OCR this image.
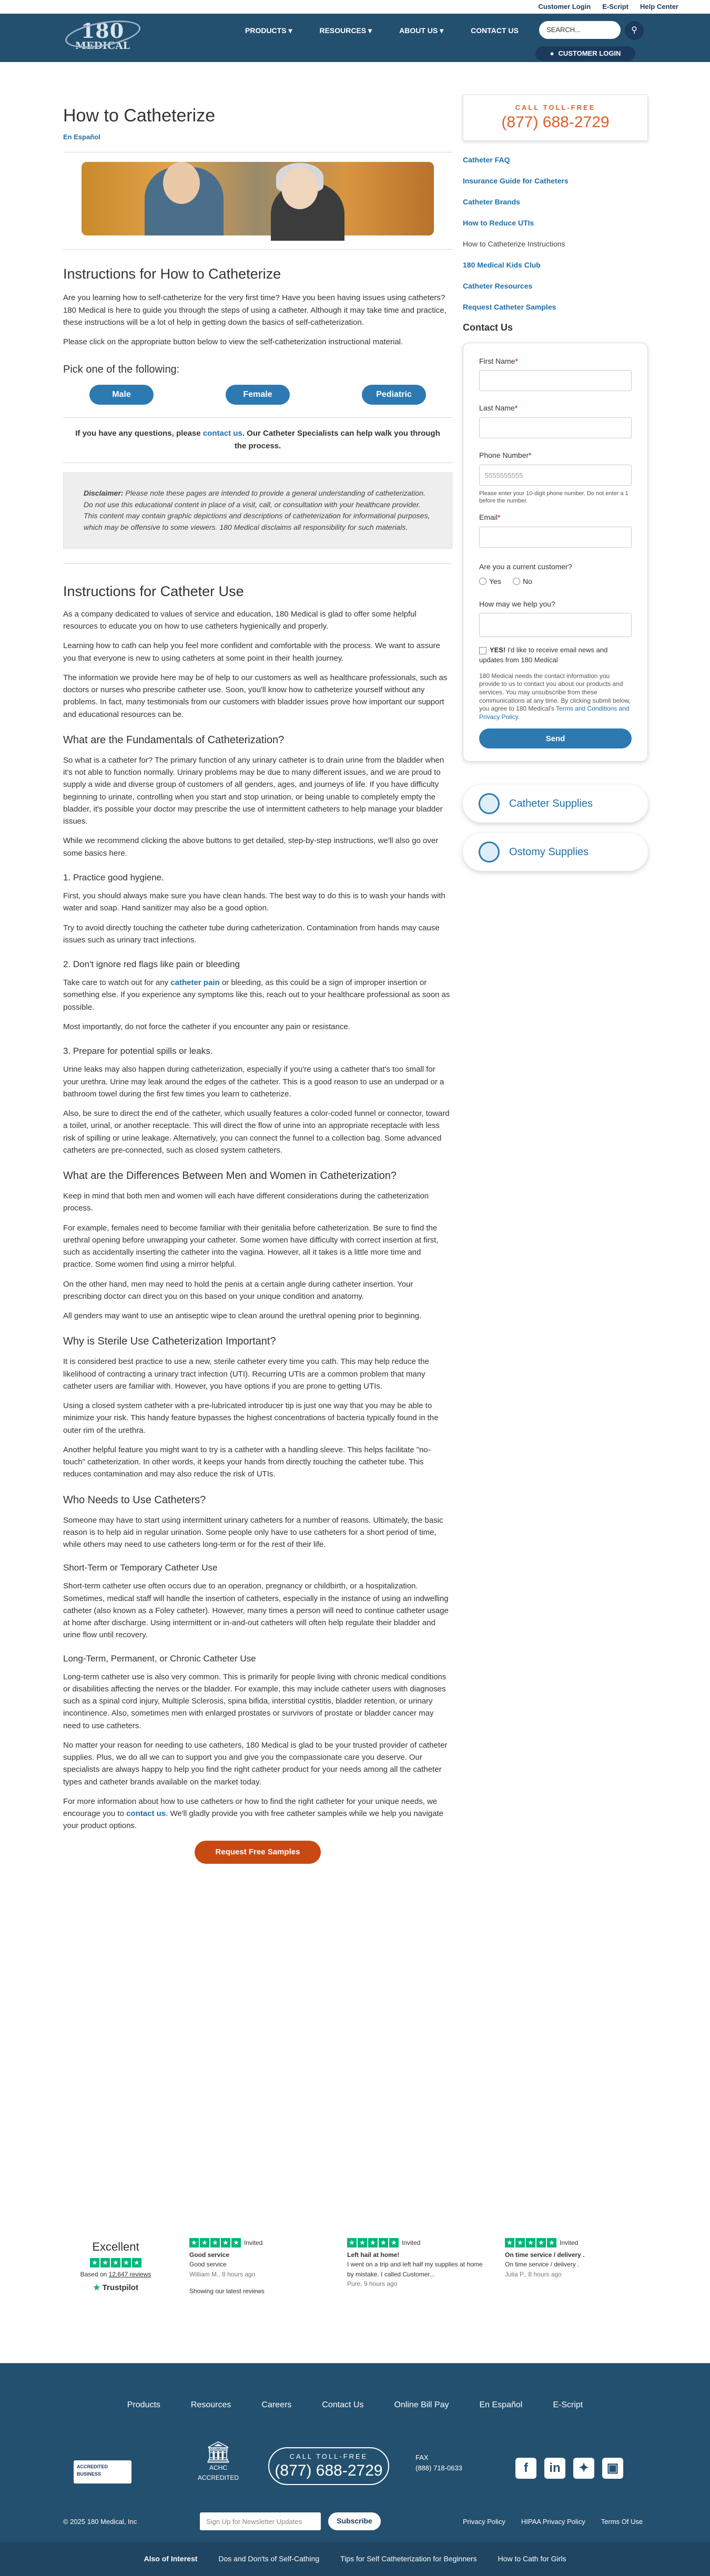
Customer Login E-Script Help Center
180
MEDICAL
PRODUCTS ▾	RESOURCES ▾	ABOUT US ▾	CONTACT US	SEARCH...	⚲
● CUSTOMER LOGIN
How to Catheterize
En Español
Instructions for How to Catheterize

Are you learning how to self-catheterize for the very first time? Have you been having issues using catheters? 180 Medical is here to guide you through the steps of using a catheter. Although it may take time and practice, these instructions will be a lot of help in getting down the basics of self-catheterization.

Please click on the appropriate button below to view the self-catheterization instructional material.

Pick one of the following:
Male	Female	Pediatric

If you have any questions, please contact us. Our Catheter Specialists can help walk you through the process.

Disclaimer: Please note these pages are intended to provide a general understanding of catheterization. Do not use this educational content in place of a visit, call, or consultation with your healthcare provider. This content may contain graphic depictions and descriptions of catheterization for informational purposes, which may be offensive to some viewers. 180 Medical disclaims all responsibility for such materials.
Instructions for Catheter Use

As a company dedicated to values of service and education, 180 Medical is glad to offer some helpful resources to educate you on how to use catheters hygienically and properly.

Learning how to cath can help you feel more confident and comfortable with the process. We want to assure you that everyone is new to using catheters at some point in their health journey.

The information we provide here may be of help to our customers as well as healthcare professionals, such as doctors or nurses who prescribe catheter use. Soon, you'll know how to catheterize yourself without any problems. In fact, many testimonials from our customers with bladder issues prove how important our support and educational resources can be.

What are the Fundamentals of Catheterization?

So what is a catheter for? The primary function of any urinary catheter is to drain urine from the bladder when it's not able to function normally. Urinary problems may be due to many different issues, and we are proud to supply a wide and diverse group of customers of all genders, ages, and journeys of life. If you have difficulty beginning to urinate, controlling when you start and stop urination, or being unable to completely empty the bladder, it's possible your doctor may prescribe the use of intermittent catheters to help manage your bladder issues.

While we recommend clicking the above buttons to get detailed, step-by-step instructions, we'll also go over some basics here.

1. Practice good hygiene.

First, you should always make sure you have clean hands. The best way to do this is to wash your hands with water and soap. Hand sanitizer may also be a good option.

Try to avoid directly touching the catheter tube during catheterization. Contamination from hands may cause issues such as urinary tract infections.

2. Don't ignore red flags like pain or bleeding

Take care to watch out for any catheter pain or bleeding, as this could be a sign of improper insertion or something else. If you experience any symptoms like this, reach out to your healthcare professional as soon as possible.

Most importantly, do not force the catheter if you encounter any pain or resistance.

3. Prepare for potential spills or leaks.

Urine leaks may also happen during catheterization, especially if you're using a catheter that's too small for your urethra. Urine may leak around the edges of the catheter. This is a good reason to use an underpad or a bathroom towel during the first few times you learn to catheterize.

Also, be sure to direct the end of the catheter, which usually features a color-coded funnel or connector, toward a toilet, urinal, or another receptacle. This will direct the flow of urine into an appropriate receptacle with less risk of spilling or urine leakage. Alternatively, you can connect the funnel to a collection bag. Some advanced catheters are pre-connected, such as closed system catheters.

What are the Differences Between Men and Women in Catheterization?

Keep in mind that both men and women will each have different considerations during the catheterization process.

For example, females need to become familiar with their genitalia before catheterization. Be sure to find the urethral opening before unwrapping your catheter. Some women have difficulty with correct insertion at first, such as accidentally inserting the catheter into the vagina. However, all it takes is a little more time and practice. Some women find using a mirror helpful.

On the other hand, men may need to hold the penis at a certain angle during catheter insertion. Your prescribing doctor can direct you on this based on your unique condition and anatomy.

All genders may want to use an antiseptic wipe to clean around the urethral opening prior to beginning.

Why is Sterile Use Catheterization Important?

It is considered best practice to use a new, sterile catheter every time you cath. This may help reduce the likelihood of contracting a urinary tract infection (UTI). Recurring UTIs are a common problem that many catheter users are familiar with. However, you have options if you are prone to getting UTIs.

Using a closed system catheter with a pre-lubricated introducer tip is just one way that you may be able to minimize your risk. This handy feature bypasses the highest concentrations of bacteria typically found in the outer rim of the urethra.

Another helpful feature you might want to try is a catheter with a handling sleeve. This helps facilitate "no-touch" catheterization. In other words, it keeps your hands from directly touching the catheter tube. This reduces contamination and may also reduce the risk of UTIs.

Who Needs to Use Catheters?

Someone may have to start using intermittent urinary catheters for a number of reasons. Ultimately, the basic reason is to help aid in regular urination. Some people only have to use catheters for a short period of time, while others may need to use catheters long-term or for the rest of their life.

Short-Term or Temporary Catheter Use

Short-term catheter use often occurs due to an operation, pregnancy or childbirth, or a hospitalization. Sometimes, medical staff will handle the insertion of catheters, especially in the instance of using an indwelling catheter (also known as a Foley catheter). However, many times a person will need to continue catheter usage at home after discharge. Using intermittent or in-and-out catheters will often help regulate their bladder and urine flow until recovery.

Long-Term, Permanent, or Chronic Catheter Use

Long-term catheter use is also very common. This is primarily for people living with chronic medical conditions or disabilities affecting the nerves or the bladder. For example, this may include catheter users with diagnoses such as a spinal cord injury, Multiple Sclerosis, spina bifida, interstitial cystitis, bladder retention, or urinary incontinence. Also, sometimes men with enlarged prostates or survivors of prostate or bladder cancer may need to use catheters.

No matter your reason for needing to use catheters, 180 Medical is glad to be your trusted provider of catheter supplies. Plus, we do all we can to support you and give you the compassionate care you deserve. Our specialists are always happy to help you find the right catheter product for your needs among all the catheter types and catheter brands available on the market today.

For more information about how to use catheters or how to find the right catheter for your unique needs, we encourage you to contact us. We'll gladly provide you with free catheter samples while we help you navigate your product options.

Request Free Samples
CALL TOLL-FREE
(877) 688-2729
Catheter FAQ
Insurance Guide for Catheters
Catheter Brands
How to Reduce UTIs
How to Catheterize Instructions
180 Medical Kids Club
Catheter Resources
Request Catheter Samples
Contact Us
First Name*
Last Name*
Phone Number*
5555555555
Please enter your 10-digit phone number. Do not enter a 1 before the number.
Email*
Are you a current customer?
Yes
	No
How may we help you?
YES! I'd like to receive email news and updates from 180 Medical
180 Medical needs the contact information you provide to us to contact you about our products and services. You may unsubscribe from these communications at any time. By clicking submit below, you agree to 180 Medical's Terms and Conditions and Privacy Policy.
Send
Catheter Supplies
Ostomy Supplies
Excellent
★ ★ ★ ★ ★
Based on 12,647 reviews
★ Trustpilot
★ ★ ★ ★ ★ Invited
Good service
Good service
William M., 8 hours ago
Showing our latest reviews
★ ★ ★ ★ ★ Invited
Left hail at home!
I went on a trip and left half my supplies at home by mistake. I called Customer...
Pure, 9 hours ago
★ ★ ★ ★ ★ Invited
On time service / delivery .
On time service / delivery .
Julia P., 8 hours ago
Products	Resources	Careers	Contact Us	Online Bill Pay	En Español	E-Script
ACCREDITED BUSINESS
🏛
ACHC ACCREDITED
CALL TOLL-FREE
(877) 688-2729
FAX
(888) 718-0633	f	in	✦	▣
© 2025 180 Medical, Inc	Sign Up for Newsletter Updates	Subscribe	Privacy Policy HIPAA Privacy Policy Terms Of Use
Also of Interest	Dos and Don'ts of Self-Cathing	Tips for Self Catheterization for Beginners	How to Cath for Girls
